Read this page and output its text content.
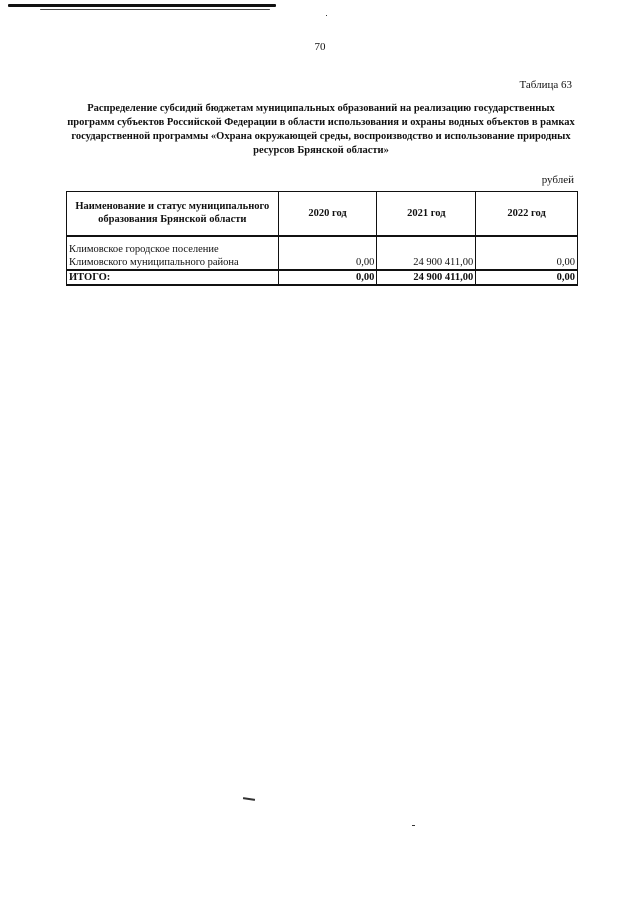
70
Таблица 63
Распределение субсидий бюджетам муниципальных образований на реализацию государственных программ субъектов Российской Федерации в области использования и охраны водных объектов в рамках государственной программы «Охрана окружающей среды, воспроизводство и использование природных ресурсов Брянской области»
рублей
Наименование и статус муниципального образования Брянской области	2020 год	2021 год	2022 год
Климовское городское поселение Климовского муниципального района	0,00	24 900 411,00	0,00
ИТОГО:	0,00	24 900 411,00	0,00
